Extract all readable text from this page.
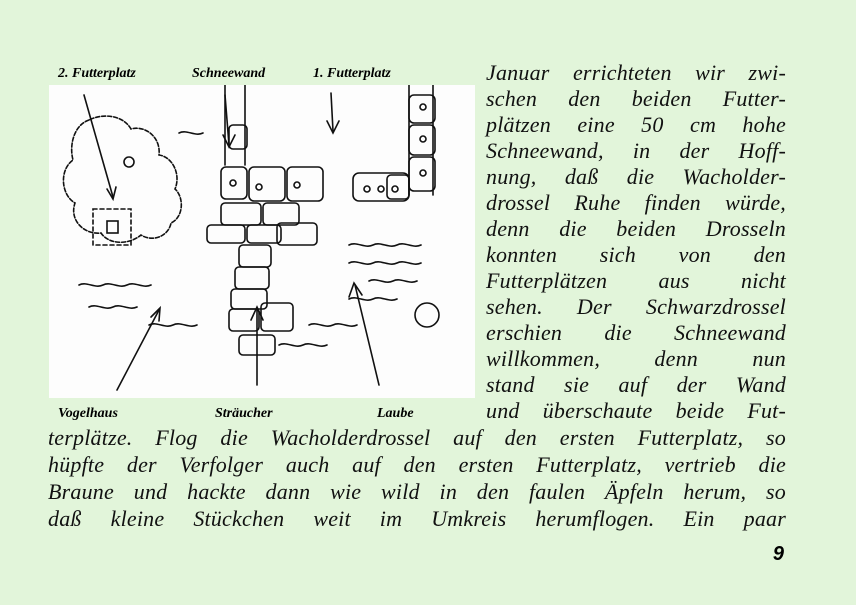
2. Futterplatz	Schneewand	1. Futterplatz
Vogelhaus	Sträucher	Laube
Januar errichteten wir zwi-
schen den beiden Futter-
plätzen eine 50 cm hohe
Schneewand, in der Hoff-
nung, daß die Wacholder-
drossel Ruhe finden würde,
denn die beiden Drosseln
konnten sich von den
Futterplätzen aus nicht
sehen. Der Schwarzdrossel
erschien die Schneewand
willkommen, denn nun
stand sie auf der Wand
und überschaute beide Fut-
terplätze. Flog die Wacholderdrossel auf den ersten Futterplatz, so
hüpfte der Verfolger auch auf den ersten Futterplatz, vertrieb die
Braune und hackte dann wie wild in den faulen Äpfeln herum, so
daß kleine Stückchen weit im Umkreis herumflogen. Ein paar
9
